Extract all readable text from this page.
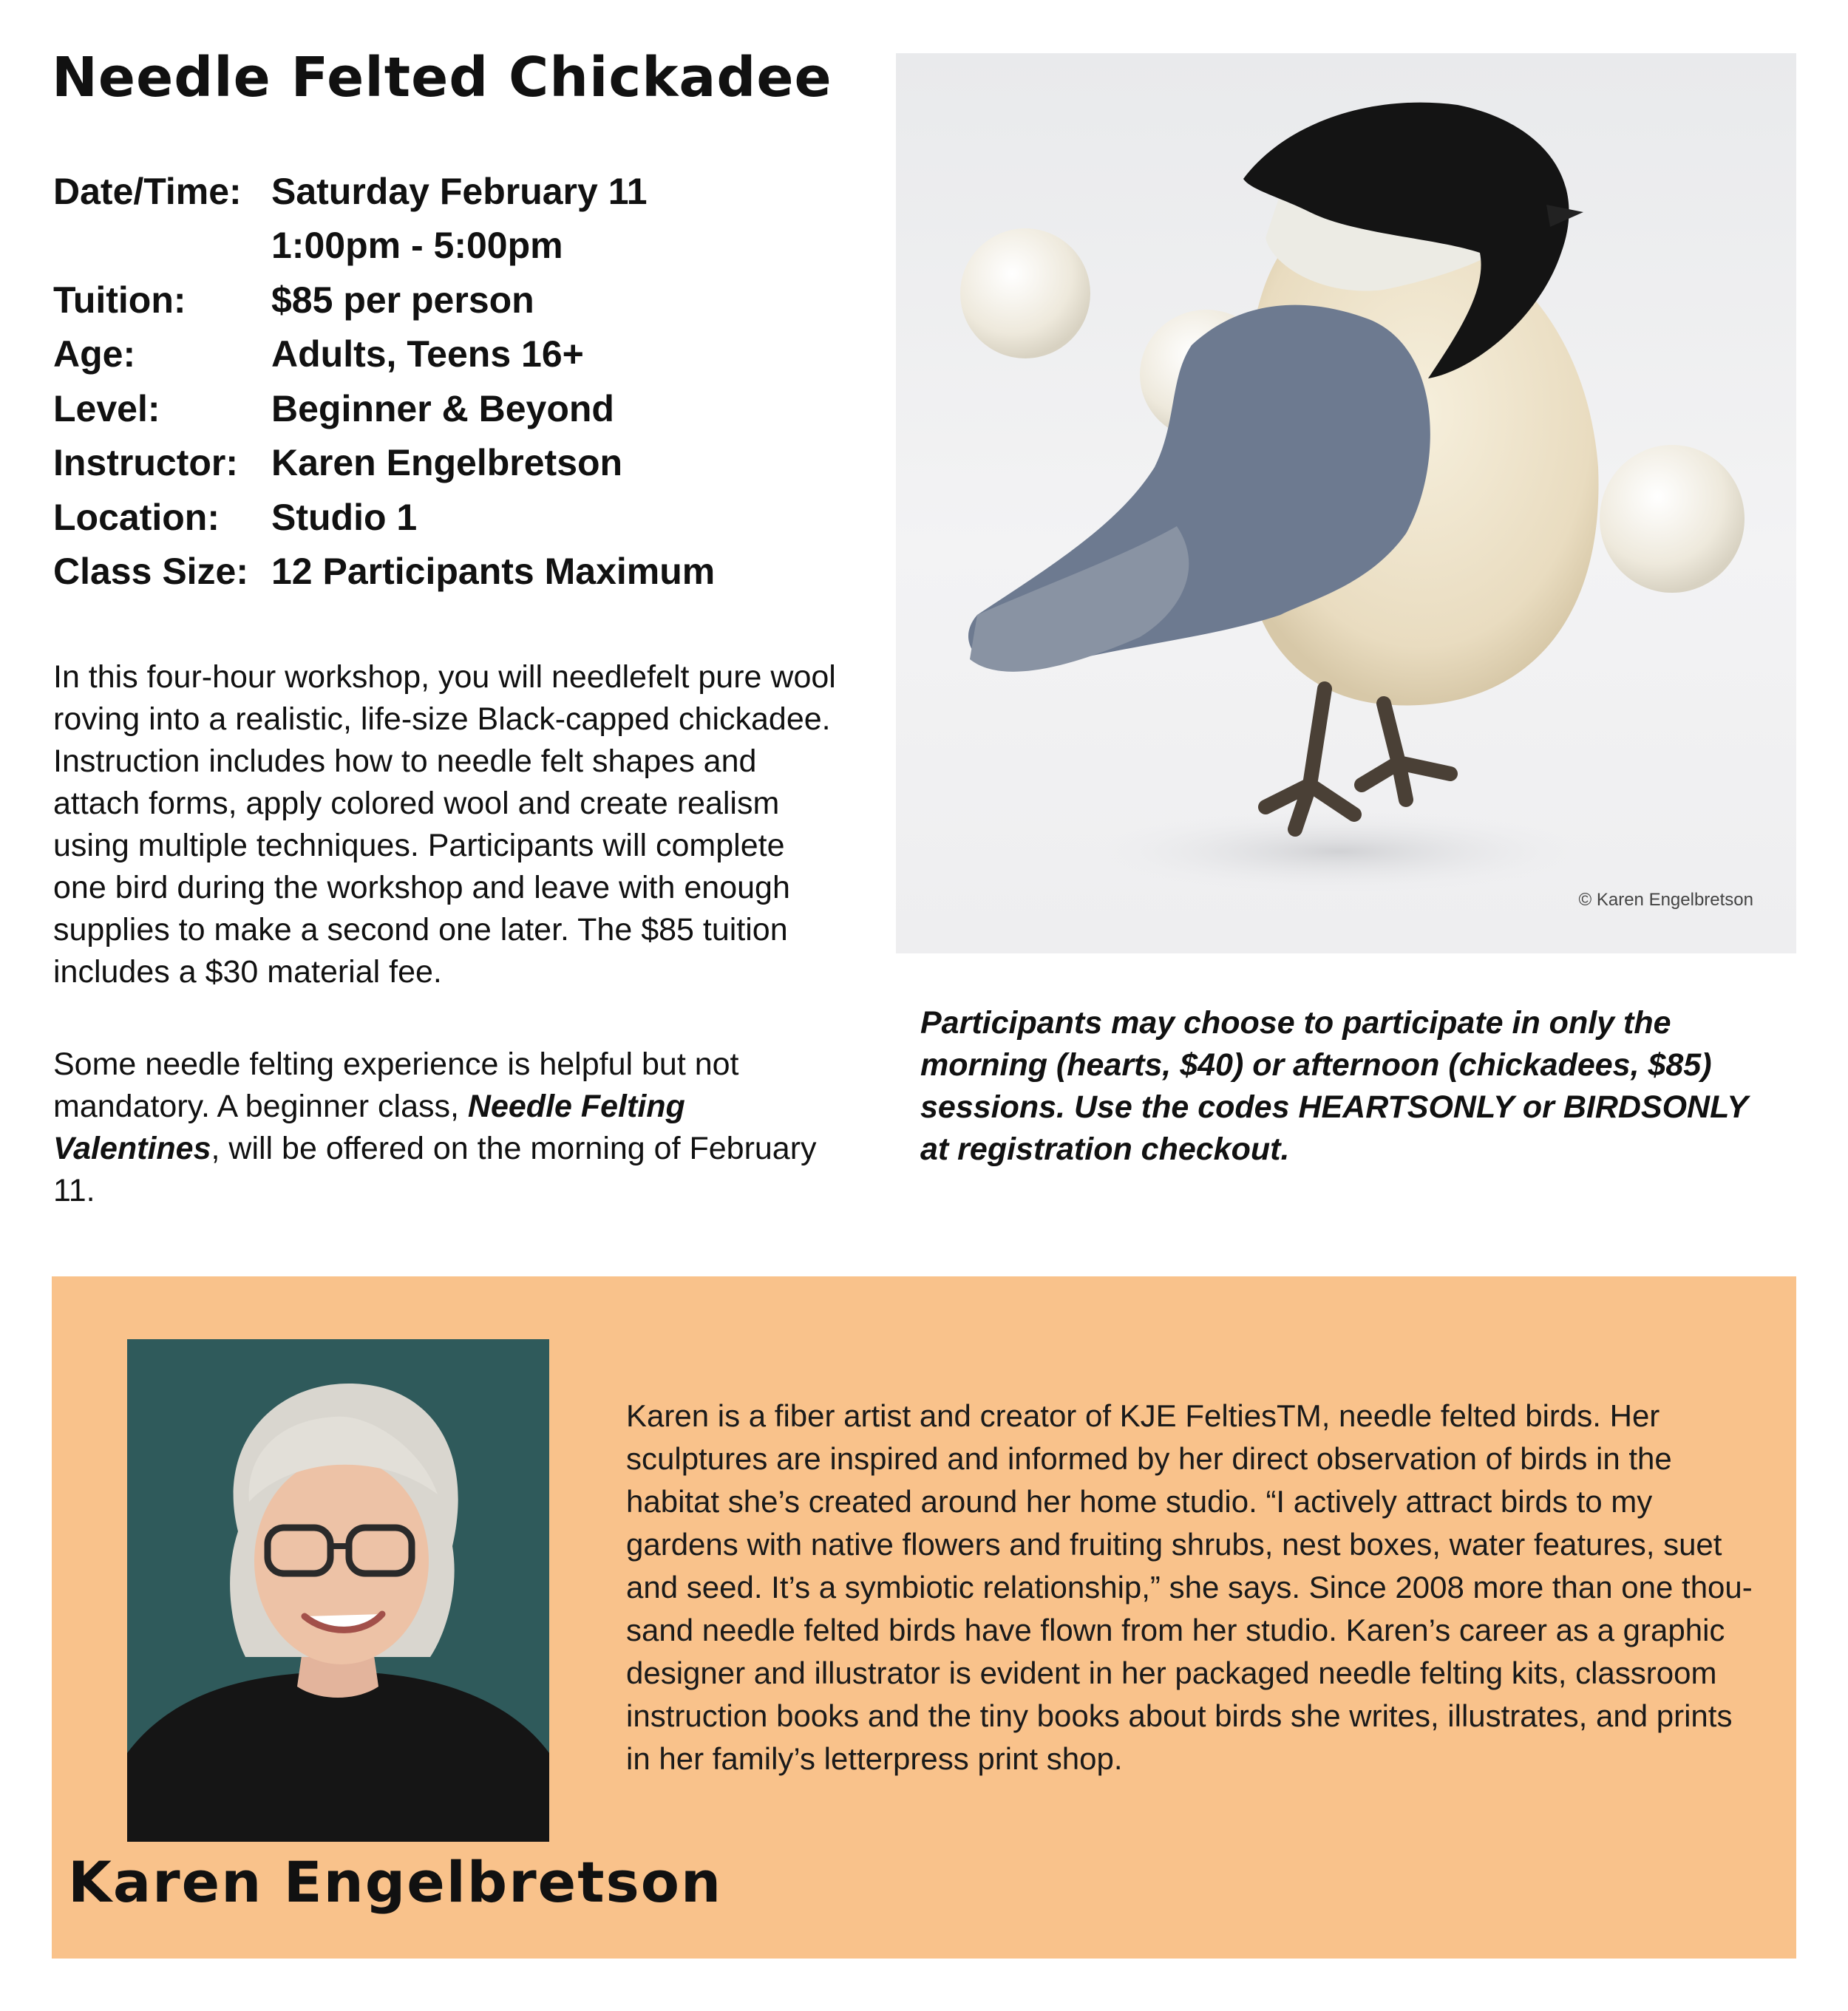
Needle Felted Chickadee
Date/Time: Saturday February 11
1:00pm - 5:00pm
Tuition:	$85 per person
Age:	Adults, Teens 16+
Level:	Beginner & Beyond
Instructor: Karen Engelbretson
Location:	Studio 1
Class Size: 12 Participants Maximum

In this four-hour workshop, you will needlefelt pure wool roving into a realistic, life-size Black-capped chickadee. Instruction includes how to needle felt shapes and attach forms, apply colored wool and create realism using multiple techniques. Participants will complete one bird during the workshop and leave with enough supplies to make a second one later. The $85 tuition includes a $30 material fee.

Some needle felting experience is helpful but not mandatory. A beginner class, Needle Felting Valentines, will be offered on the morning of February 11.

© Karen Engelbretson

Participants may choose to participate in only the morning (hearts, $40) or afternoon (chickadees, $85) sessions. Use the codes HEARTSONLY or BIRDSONLY at registration checkout.

Karen Engelbretson

Karen is a fiber artist and creator of KJE FeltiesTM, needle felted birds. Her sculptures are inspired and informed by her direct observation of birds in the habitat she’s created around her home studio. “I actively attract birds to my gardens with native flowers and fruiting shrubs, nest boxes, water features, suet and seed. It’s a symbiotic relationship,” she says. Since 2008 more than one thou-sand needle felted birds have flown from her studio. Karen’s career as a graphic designer and illustrator is evident in her packaged needle felting kits, classroom instruction books and the tiny books about birds she writes, illustrates, and prints in her family’s letterpress print shop.
